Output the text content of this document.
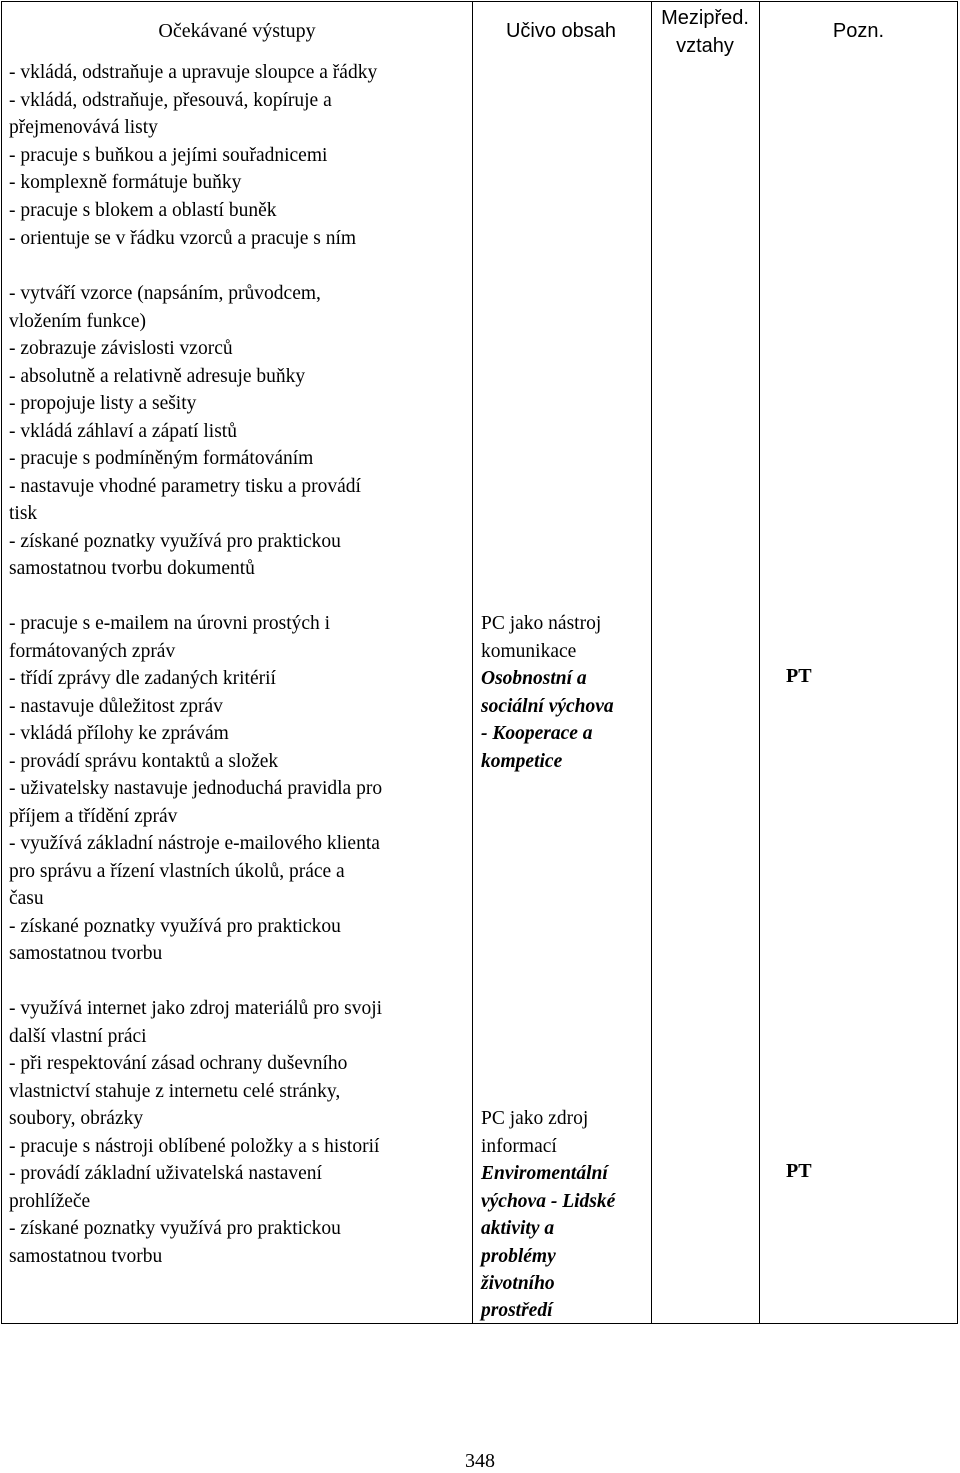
Očekávané výstupy	Učivo obsah
Mezipřed.
vztahy
Pozn.
- vkládá, odstraňuje a upravuje sloupce a řádky
- vkládá, odstraňuje, přesouvá, kopíruje a
přejmenovává listy
- pracuje s buňkou a jejími souřadnicemi
- komplexně formátuje buňky
- pracuje s blokem a oblastí buněk
- orientuje se v řádku vzorců a pracuje s ním
- vytváří vzorce (napsáním, průvodcem,
vložením funkce)
- zobrazuje závislosti vzorců
- absolutně a relativně adresuje buňky
- propojuje listy a sešity
- vkládá záhlaví a zápatí listů
- pracuje s podmíněným formátováním
- nastavuje vhodné parametry tisku a provádí
tisk
- získané poznatky využívá pro praktickou
samostatnou tvorbu dokumentů
- pracuje s e-mailem na úrovni prostých i
formátovaných zpráv
- třídí zprávy dle zadaných kritérií
- nastavuje důležitost zpráv
- vkládá přílohy ke zprávám
- provádí správu kontaktů a složek
- uživatelsky nastavuje jednoduchá pravidla pro
příjem a třídění zpráv
- využívá základní nástroje e-mailového klienta
pro správu a řízení vlastních úkolů, práce a
času
- získané poznatky využívá pro praktickou
samostatnou tvorbu
PC jako nástroj
komunikace
Osobnostní a
sociální výchova
- Kooperace a
kompetice
PT
- využívá internet jako zdroj materiálů pro svoji
další vlastní práci
- při respektování zásad ochrany duševního
vlastnictví stahuje z internetu celé stránky,
soubory, obrázky
- pracuje s nástroji oblíbené položky a s historií
- provádí základní uživatelská nastavení
prohlížeče
- získané poznatky využívá pro praktickou
samostatnou tvorbu
PC jako zdroj
informací
Enviromentální
výchova - Lidské
aktivity a
problémy
životního
prostředí
PT
348
